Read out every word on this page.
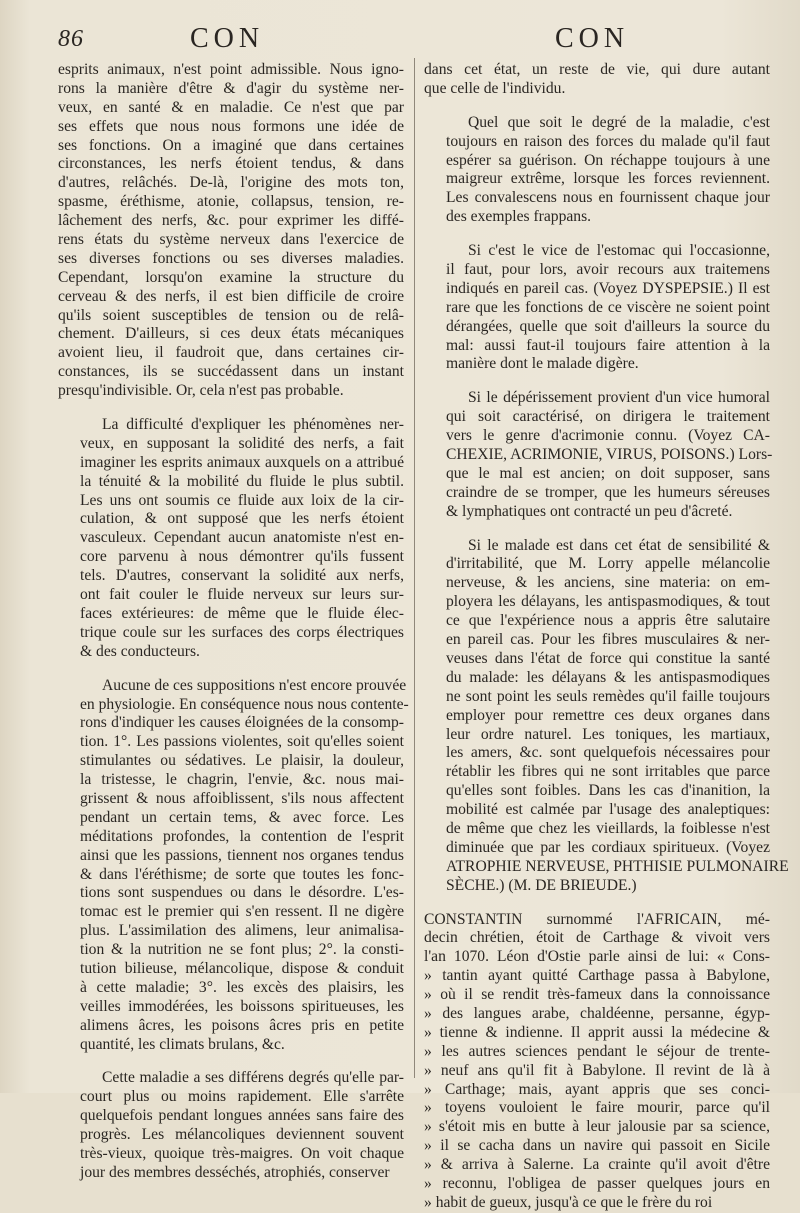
86	CON	CON
esprits animaux, n'est point admissible. Nous igno-
rons la manière d'être & d'agir du système ner-
veux, en santé & en maladie. Ce n'est que par
ses effets que nous nous formons une idée de
ses fonctions. On a imaginé que dans certaines
circonstances, les nerfs étoient tendus, & dans
d'autres, relâchés. De-là, l'origine des mots ton,
spasme, éréthisme, atonie, collapsus, tension, re-
lâchement des nerfs, &c. pour exprimer les diffé-
rens états du système nerveux dans l'exercice de
ses diverses fonctions ou ses diverses maladies.
Cependant, lorsqu'on examine la structure du
cerveau & des nerfs, il est bien difficile de croire
qu'ils soient susceptibles de tension ou de relâ-
chement. D'ailleurs, si ces deux états mécaniques
avoient lieu, il faudroit que, dans certaines cir-
constances, ils se succédassent dans un instant
presqu'indivisible. Or, cela n'est pas probable.
La difficulté d'expliquer les phénomènes ner-
veux, en supposant la solidité des nerfs, a fait
imaginer les esprits animaux auxquels on a attribué
la ténuité & la mobilité du fluide le plus subtil.
Les uns ont soumis ce fluide aux loix de la cir-
culation, & ont supposé que les nerfs étoient
vasculeux. Cependant aucun anatomiste n'est en-
core parvenu à nous démontrer qu'ils fussent
tels. D'autres, conservant la solidité aux nerfs,
ont fait couler le fluide nerveux sur leurs sur-
faces extérieures: de même que le fluide élec-
trique coule sur les surfaces des corps électriques
& des conducteurs.
Aucune de ces suppositions n'est encore prouvée
en physiologie. En conséquence nous nous contente-
rons d'indiquer les causes éloignées de la consomp-
tion. 1°. Les passions violentes, soit qu'elles soient
stimulantes ou sédatives. Le plaisir, la douleur,
la tristesse, le chagrin, l'envie, &c. nous mai-
grissent & nous affoiblissent, s'ils nous affectent
pendant un certain tems, & avec force. Les
méditations profondes, la contention de l'esprit
ainsi que les passions, tiennent nos organes tendus
& dans l'éréthisme; de sorte que toutes les fonc-
tions sont suspendues ou dans le désordre. L'es-
tomac est le premier qui s'en ressent. Il ne digère
plus. L'assimilation des alimens, leur animalisa-
tion & la nutrition ne se font plus; 2°. la consti-
tution bilieuse, mélancolique, dispose & conduit
à cette maladie; 3°. les excès des plaisirs, les
veilles immodérées, les boissons spiritueuses, les
alimens âcres, les poisons âcres pris en petite
quantité, les climats brulans, &c.
Cette maladie a ses différens degrés qu'elle par-
court plus ou moins rapidement. Elle s'arrête
quelquefois pendant longues années sans faire des
progrès. Les mélancoliques deviennent souvent
très-vieux, quoique très-maigres. On voit chaque
jour des membres desséchés, atrophiés, conserver
dans cet état, un reste de vie, qui dure autant
que celle de l'individu.
Quel que soit le degré de la maladie, c'est
toujours en raison des forces du malade qu'il faut
espérer sa guérison. On réchappe toujours à une
maigreur extrême, lorsque les forces reviennent.
Les convalescens nous en fournissent chaque jour
des exemples frappans.
Si c'est le vice de l'estomac qui l'occasionne,
il faut, pour lors, avoir recours aux traitemens
indiqués en pareil cas. (Voyez DYSPEPSIE.) Il est
rare que les fonctions de ce viscère ne soient point
dérangées, quelle que soit d'ailleurs la source du
mal: aussi faut-il toujours faire attention à la
manière dont le malade digère.
Si le dépérissement provient d'un vice humoral
qui soit caractérisé, on dirigera le traitement
vers le genre d'acrimonie connu. (Voyez CA-
CHEXIE, ACRIMONIE, VIRUS, POISONS.) Lors-
que le mal est ancien; on doit supposer, sans
craindre de se tromper, que les humeurs séreuses
& lymphatiques ont contracté un peu d'âcreté.
Si le malade est dans cet état de sensibilité &
d'irritabilité, que M. Lorry appelle mélancolie
nerveuse, & les anciens, sine materia: on em-
ployera les délayans, les antispasmodiques, & tout
ce que l'expérience nous a appris être salutaire
en pareil cas. Pour les fibres musculaires & ner-
veuses dans l'état de force qui constitue la santé
du malade: les délayans & les antispasmodiques
ne sont point les seuls remèdes qu'il faille toujours
employer pour remettre ces deux organes dans
leur ordre naturel. Les toniques, les martiaux,
les amers, &c. sont quelquefois nécessaires pour
rétablir les fibres qui ne sont irritables que parce
qu'elles sont foibles. Dans les cas d'inanition, la
mobilité est calmée par l'usage des analeptiques:
de même que chez les vieillards, la foiblesse n'est
diminuée que par les cordiaux spiritueux. (Voyez
ATROPHIE NERVEUSE, PHTHISIE PULMONAIRE
SÈCHE.) (M. DE BRIEUDE.)
CONSTANTIN surnommé l'AFRICAIN, mé-
decin chrétien, étoit de Carthage & vivoit vers
l'an 1070. Léon d'Ostie parle ainsi de lui: « Cons-
» tantin ayant quitté Carthage passa à Babylone,
» où il se rendit très-fameux dans la connoissance
» des langues arabe, chaldéenne, persanne, égyp-
» tienne & indienne. Il apprit aussi la médecine &
» les autres sciences pendant le séjour de trente-
» neuf ans qu'il fit à Babylone. Il revint de là à
» Carthage; mais, ayant appris que ses conci-
» toyens vouloient le faire mourir, parce qu'il
» s'étoit mis en butte à leur jalousie par sa science,
» il se cacha dans un navire qui passoit en Sicile
» & arriva à Salerne. La crainte qu'il avoit d'être
» reconnu, l'obligea de passer quelques jours en
» habit de gueux, jusqu'à ce que le frère du roi
